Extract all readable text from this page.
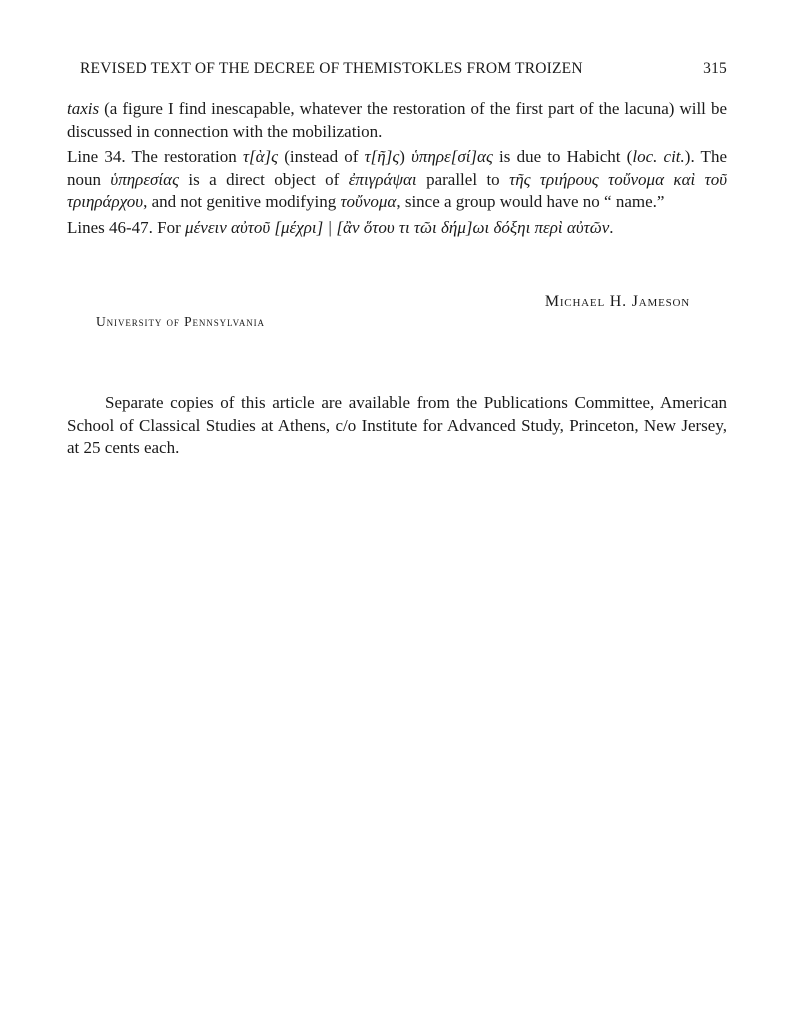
REVISED TEXT OF THE DECREE OF THEMISTOKLES FROM TROIZEN	315

taxis (a figure I find inescapable, whatever the restoration of the first part of the lacuna) will be discussed in connection with the mobilization.

Line 34. The restoration τ[ὰ]ς (instead of τ[ῆ]ς) ὑπηρε[σί]ας is due to Habicht (loc. cit.). The noun ὑπηρεσίας is a direct object of ἐπιγράψαι parallel to τῆς τριήρους τοὔνομα καὶ τοῦ τριηράρχου, and not genitive modifying τοὔνομα, since a group would have no “ name.”

Lines 46-47. For μένειν αὐτοῦ [μέχρι] | [ἂν ὅτου τι τῶι δήμ]ωι δόξηι περὶ αὐτῶν.

Michael H. Jameson
University of Pennsylvania
Separate copies of this article are available from the Publications Committee, American School of Classical Studies at Athens, c/o Institute for Advanced Study, Princeton, New Jersey, at 25 cents each.
